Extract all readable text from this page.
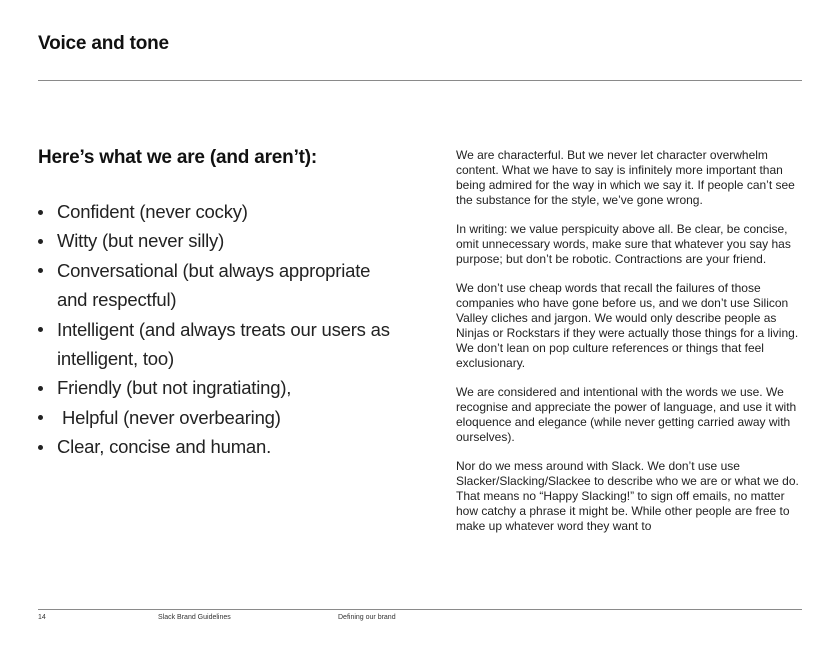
Voice and tone
Here’s what we are (and aren’t):
Confident (never cocky)
Witty (but never silly)
Conversational (but always appropriate and respectful)
Intelligent (and always treats our users as intelligent, too)
Friendly (but not ingratiating),
Helpful (never overbearing)
Clear, concise and human.

We are characterful. But we never let character overwhelm content. What we have to say is infinitely more important than being admired for the way in which we say it. If people can’t see the substance for the style, we’ve gone wrong.

In writing: we value perspicuity above all. Be clear, be concise, omit unnecessary words, make sure that whatever you say has purpose; but don’t be robotic. Contractions are your friend.

We don’t use cheap words that recall the failures of those companies who have gone before us, and we don’t use Silicon Valley cliches and jargon. We would only describe people as Ninjas or Rockstars if they were actually those things for a living. We don’t lean on pop culture references or things that feel exclusionary.

We are considered and intentional with the words we use. We recognise and appreciate the power of language, and use it with eloquence and elegance (while never getting carried away with ourselves).

Nor do we mess around with Slack. We don’t use use Slacker/Slacking/Slackee to describe who we are or what we do. That means no “Happy Slacking!” to sign off emails, no matter how catchy a phrase it might be. While other people are free to make up whatever word they want to

14	Slack Brand Guidelines	Defining our brand
